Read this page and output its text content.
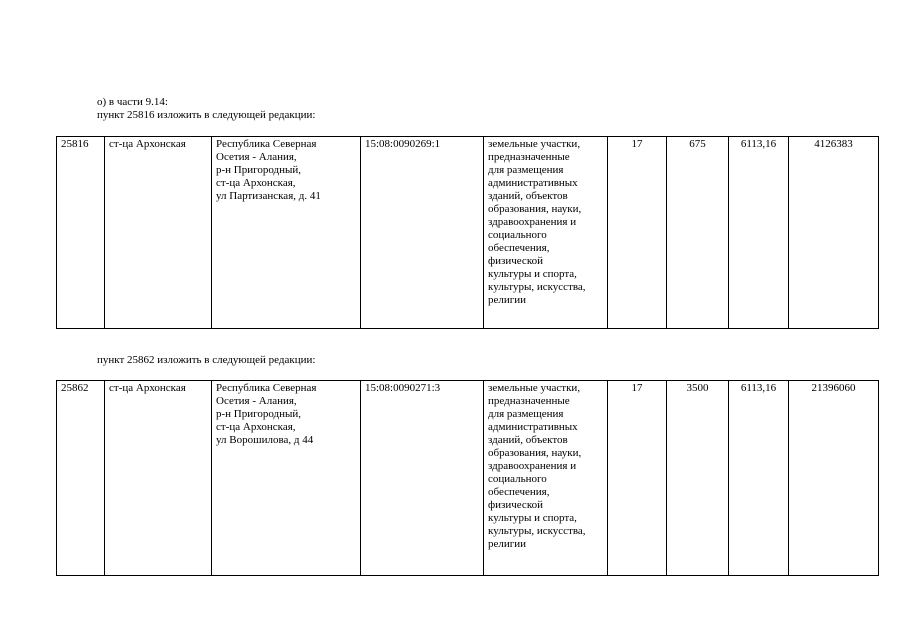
о) в части 9.14:
пункт 25816 изложить в следующей редакции:
25816	ст-ца Архонская	Республика Северная
Осетия - Алания,
р-н Пригородный,
ст-ца Архонская,
ул Партизанская, д. 41
	15:08:0090269:1	земельные участки,
предназначенные
для размещения
административных
зданий, объектов
образования, науки,
здравоохранения и
социального
обеспечения,
физической
культуры и спорта,
культуры, искусства,
религии
	17	675	6113,16	4126383
пункт 25862 изложить в следующей редакции:
25862	ст-ца Архонская	Республика Северная
Осетия - Алания,
р-н Пригородный,
ст-ца Архонская,
ул Ворошилова, д 44
	15:08:0090271:3	земельные участки,
предназначенные
для размещения
административных
зданий, объектов
образования, науки,
здравоохранения и
социального
обеспечения,
физической
культуры и спорта,
культуры, искусства,
религии
	17	3500	6113,16	21396060
